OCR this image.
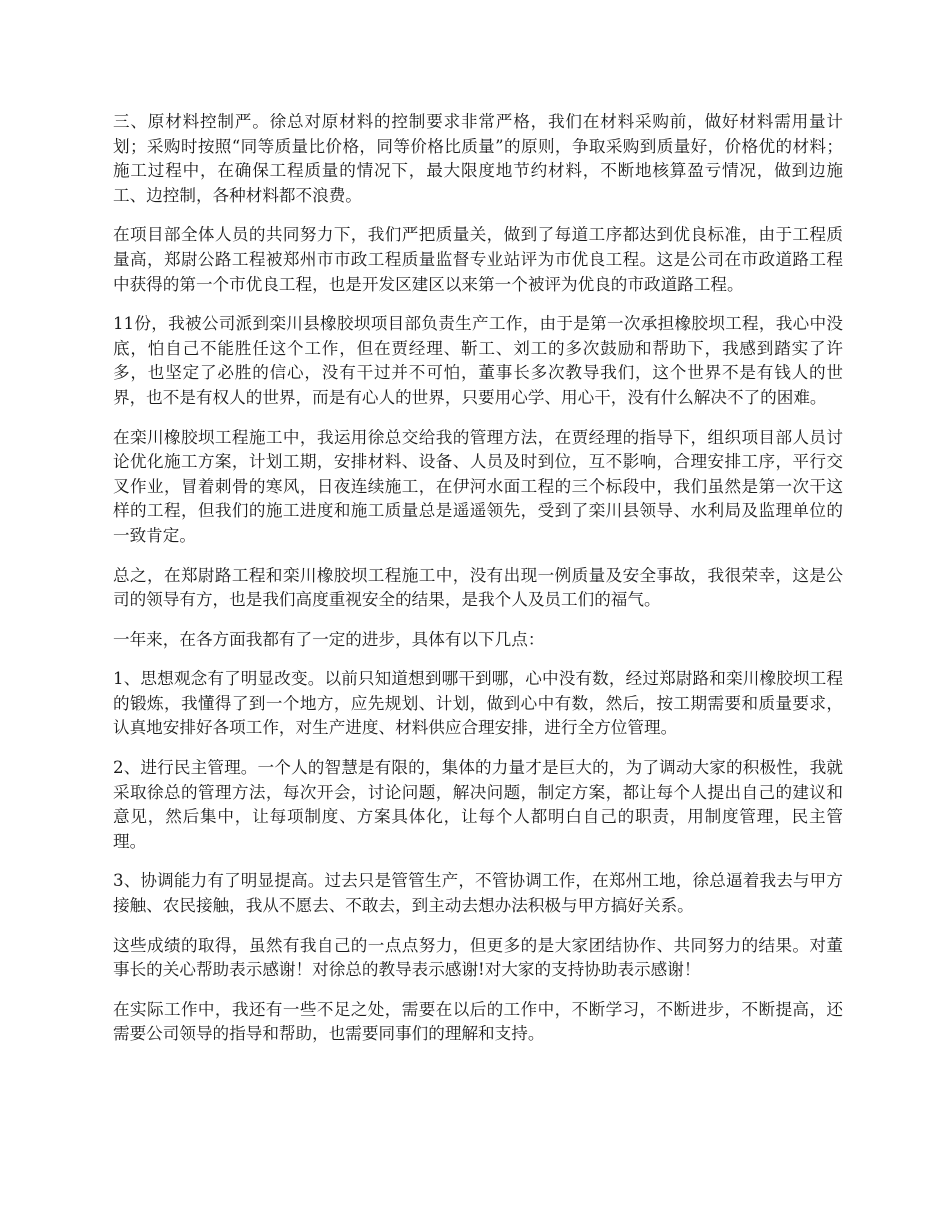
三、原材料控制严。徐总对原材料的控制要求非常严格，我们在材料采购前，做好材料需用量计划；采购时按照“同等质量比价格，同等价格比质量”的原则，争取采购到质量好，价格优的材料；施工过程中，在确保工程质量的情况下，最大限度地节约材料，不断地核算盈亏情况，做到边施工、边控制，各种材料都不浪费。

在项目部全体人员的共同努力下，我们严把质量关，做到了每道工序都达到优良标准，由于工程质量高，郑尉公路工程被郑州市市政工程质量监督专业站评为市优良工程。这是公司在市政道路工程中获得的第一个市优良工程，也是开发区建区以来第一个被评为优良的市政道路工程。

11份，我被公司派到栾川县橡胶坝项目部负责生产工作，由于是第一次承担橡胶坝工程，我心中没底，怕自己不能胜任这个工作，但在贾经理、靳工、刘工的多次鼓励和帮助下，我感到踏实了许多，也坚定了必胜的信心，没有干过并不可怕，董事长多次教导我们，这个世界不是有钱人的世界，也不是有权人的世界，而是有心人的世界，只要用心学、用心干，没有什么解决不了的困难。

在栾川橡胶坝工程施工中，我运用徐总交给我的管理方法，在贾经理的指导下，组织项目部人员讨论优化施工方案，计划工期，安排材料、设备、人员及时到位，互不影响，合理安排工序，平行交叉作业，冒着刺骨的寒风，日夜连续施工，在伊河水面工程的三个标段中，我们虽然是第一次干这样的工程，但我们的施工进度和施工质量总是遥遥领先，受到了栾川县领导、水利局及监理单位的一致肯定。

总之，在郑尉路工程和栾川橡胶坝工程施工中，没有出现一例质量及安全事故，我很荣幸，这是公司的领导有方，也是我们高度重视安全的结果，是我个人及员工们的福气。

一年来，在各方面我都有了一定的进步，具体有以下几点：

1、思想观念有了明显改变。以前只知道想到哪干到哪，心中没有数，经过郑尉路和栾川橡胶坝工程的锻炼，我懂得了到一个地方，应先规划、计划，做到心中有数，然后，按工期需要和质量要求，认真地安排好各项工作，对生产进度、材料供应合理安排，进行全方位管理。

2、进行民主管理。一个人的智慧是有限的，集体的力量才是巨大的，为了调动大家的积极性，我就采取徐总的管理方法，每次开会，讨论问题，解决问题，制定方案，都让每个人提出自己的建议和意见，然后集中，让每项制度、方案具体化，让每个人都明白自己的职责，用制度管理，民主管理。

3、协调能力有了明显提高。过去只是管管生产，不管协调工作，在郑州工地，徐总逼着我去与甲方接触、农民接触，我从不愿去、不敢去，到主动去想办法积极与甲方搞好关系。

这些成绩的取得，虽然有我自己的一点点努力，但更多的是大家团结协作、共同努力的结果。对董事长的关心帮助表示感谢！对徐总的教导表示感谢!对大家的支持协助表示感谢！

在实际工作中，我还有一些不足之处，需要在以后的工作中，不断学习，不断进步，不断提高，还需要公司领导的指导和帮助，也需要同事们的理解和支持。
